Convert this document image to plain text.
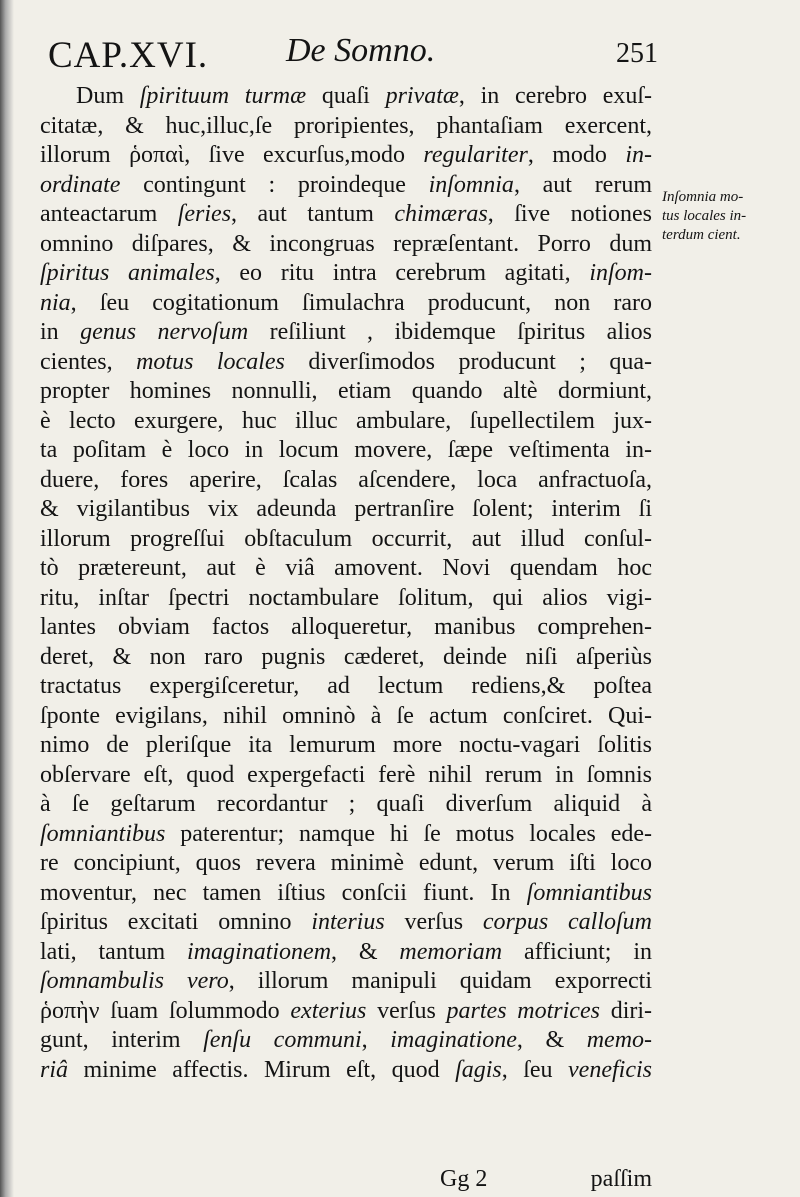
CAP.XVI. De Somno.	251
Dum ſpirituum turmæ quaſi privatæ, in cerebro exuſ-
citatæ, & huc,illuc,ſe proripientes, phantaſiam exercent,
illorum ῥοπαὶ, ſive excurſus,modo regulariter, modo in-
ordinate contingunt : proindeque inſomnia, aut rerum
anteactarum ſeries, aut tantum chimæras, ſive notiones
omnino diſpares, & incongruas repræſentant. Porro dum
ſpiritus animales, eo ritu intra cerebrum agitati, inſom-
nia, ſeu cogitationum ſimulachra producunt, non raro
in genus nervoſum reſiliunt , ibidemque ſpiritus alios
cientes, motus locales diverſimodos producunt ; qua-
propter homines nonnulli, etiam quando altè dormiunt,
è lecto exurgere, huc illuc ambulare, ſupellectilem jux-
ta poſitam è loco in locum movere, ſæpe veſtimenta in-
duere, fores aperire, ſcalas aſcendere, loca anfractuoſa,
& vigilantibus vix adeunda pertranſire ſolent; interim ſi
illorum progreſſui obſtaculum occurrit, aut illud conſul-
tò prætereunt, aut è viâ amovent. Novi quendam hoc
ritu, inſtar ſpectri noctambulare ſolitum, qui alios vigi-
lantes obviam factos alloqueretur, manibus comprehen-
deret, & non raro pugnis cæderet, deinde niſi aſperiùs
tractatus expergiſceretur, ad lectum rediens,& poſtea
ſponte evigilans, nihil omninò à ſe actum conſciret. Qui-
nimo de pleriſque ita lemurum more noctu-vagari ſolitis
obſervare eſt, quod expergefacti ferè nihil rerum in ſomnis
à ſe geſtarum recordantur ; quaſi diverſum aliquid à
ſomniantibus paterentur; namque hi ſe motus locales ede-
re concipiunt, quos revera minimè edunt, verum iſti loco
moventur, nec tamen iſtius conſcii fiunt. In ſomniantibus
ſpiritus excitati omnino interius verſus corpus calloſum
lati, tantum imaginationem, & memoriam afficiunt; in
ſomnambulis vero, illorum manipuli quidam exporrecti
ῥοπὴν ſuam ſolummodo exterius verſus partes motrices diri-
gunt, interim ſenſu communi, imaginatione, & memo-
riâ minime affectis. Mirum eſt, quod ſagis, ſeu veneficis
Inſomnia mo-
tus locales in-
terdum cient.
Gg 2	paſſim
